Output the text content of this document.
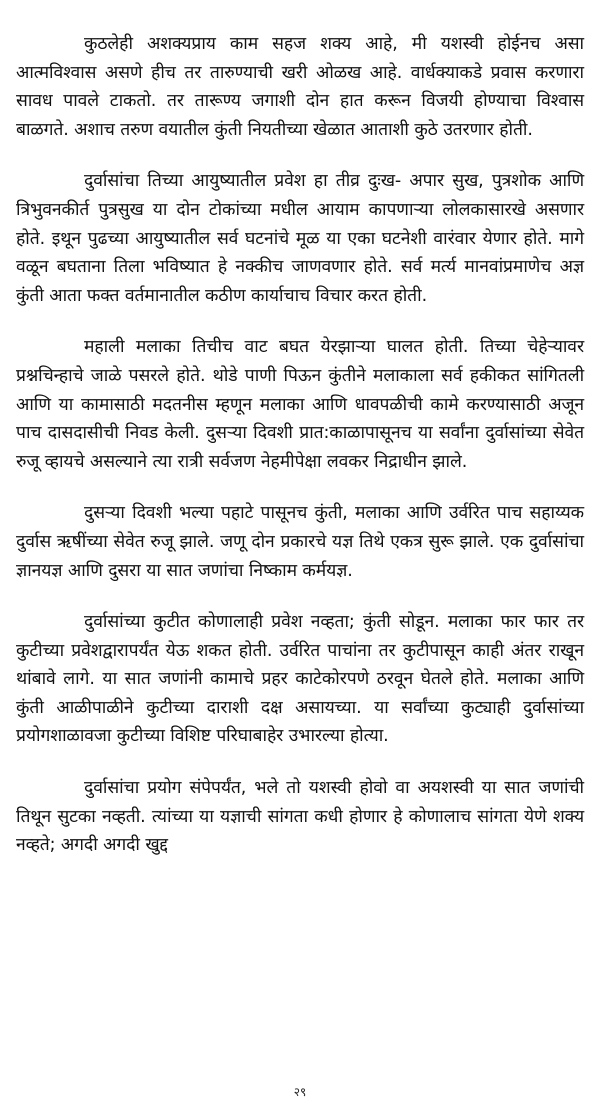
कुठलेही अशक्यप्राय काम सहज शक्य आहे, मी यशस्वी होईनच असा आत्मविश्वास असणे हीच तर तारुण्याची खरी ओळख आहे. वार्धक्याकडे प्रवास करणारा सावध पावले टाकतो. तर तारूण्य जगाशी दोन हात करून विजयी होण्याचा विश्वास बाळगते. अशाच तरुण वयातील कुंती नियतीच्या खेळात आताशी कुठे उतरणार होती.

दुर्वासांचा तिच्या आयुष्यातील प्रवेश हा तीव्र दुःख- अपार सुख, पुत्रशोक आणि त्रिभुवनकीर्त पुत्रसुख या दोन टोकांच्या मधील आयाम कापणाऱ्या लोलकासारखे असणार होते. इथून पुढच्या आयुष्यातील सर्व घटनांचे मूळ या एका घटनेशी वारंवार येणार होते. मागे वळून बघताना तिला भविष्यात हे नक्कीच जाणवणार होते. सर्व मर्त्य मानवांप्रमाणेच अज्ञ कुंती आता फक्त वर्तमानातील कठीण कार्याचाच विचार करत होती.

महाली मलाका तिचीच वाट बघत येरझाऱ्या घालत होती. तिच्या चेहेऱ्यावर प्रश्नचिन्हाचे जाळे पसरले होते. थोडे पाणी पिऊन कुंतीने मलाकाला सर्व हकीकत सांगितली आणि या कामासाठी मदतनीस म्हणून मलाका आणि धावपळीची कामे करण्यासाठी अजून पाच दासदासीची निवड केली. दुसऱ्या दिवशी प्रात:काळापासूनच या सर्वांना दुर्वासांच्या सेवेत रुजू व्हायचे असल्याने त्या रात्री सर्वजण नेहमीपेक्षा लवकर निद्राधीन झाले.

दुसऱ्या दिवशी भल्या पहाटे पासूनच कुंती, मलाका आणि उर्वरित पाच सहाय्यक दुर्वास ऋषींच्या सेवेत रुजू झाले. जणू दोन प्रकारचे यज्ञ तिथे एकत्र सुरू झाले. एक दुर्वासांचा ज्ञानयज्ञ आणि दुसरा या सात जणांचा निष्काम कर्मयज्ञ.

दुर्वासांच्या कुटीत कोणालाही प्रवेश नव्हता; कुंती सोडून. मलाका फार फार तर कुटीच्या प्रवेशद्वारापर्यंत येऊ शकत होती. उर्वरित पाचांना तर कुटीपासून काही अंतर राखून थांबावे लागे. या सात जणांनी कामाचे प्रहर काटेकोरपणे ठरवून घेतले होते. मलाका आणि कुंती आळीपाळीने कुटीच्या दाराशी दक्ष असायच्या. या सर्वांच्या कुट्याही दुर्वासांच्या प्रयोगशाळावजा कुटीच्या विशिष्ट परिघाबाहेर उभारल्या होत्या.

दुर्वासांचा प्रयोग संपेपर्यंत, भले तो यशस्वी होवो वा अयशस्वी या सात जणांची तिथून सुटका नव्हती. त्यांच्या या यज्ञाची सांगता कधी होणार हे कोणालाच सांगता येणे शक्य नव्हते; अगदी अगदी खुद्द

२९
